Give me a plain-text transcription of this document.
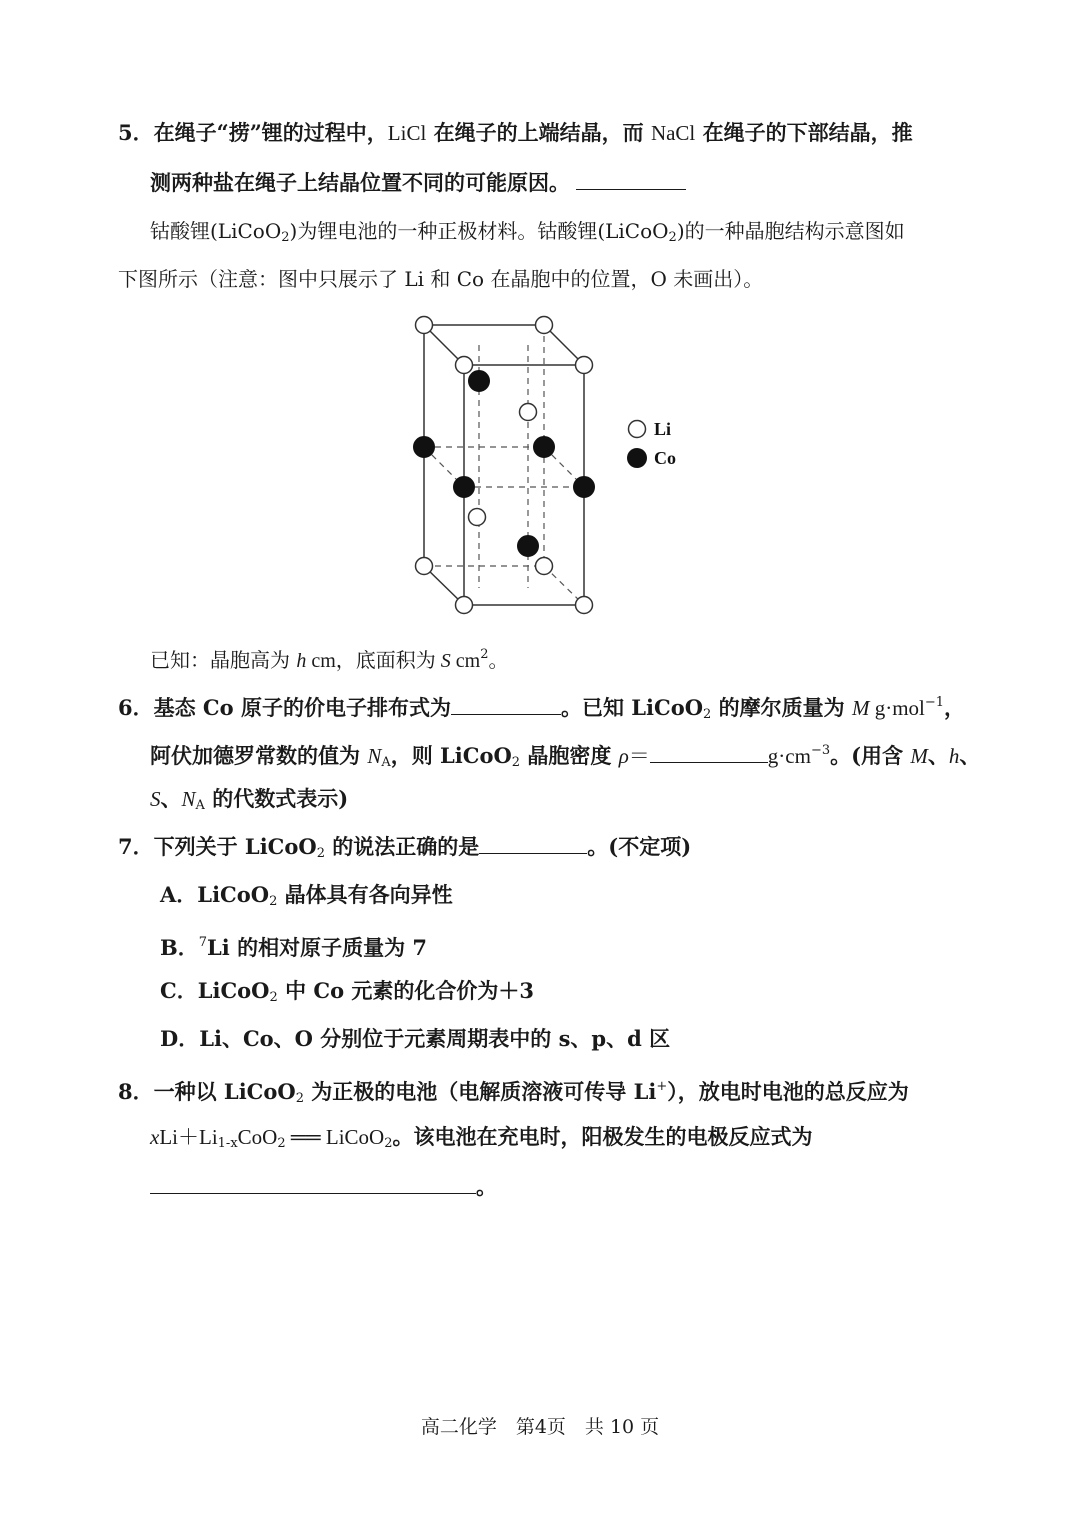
5．在绳子“捞”锂的过程中，LiCl 在绳子的上端结晶，而 NaCl 在绳子的下部结晶，推
测两种盐在绳子上结晶位置不同的可能原因。
钴酸锂(LiCoO$_2$)为锂电池的一种正极材料。钴酸锂(LiCoO$_2$)的一种晶胞结构示意图如
下图所示（注意：图中只展示了 Li 和 Co 在晶胞中的位置，O 未画出）。
Li
Co
已知：晶胞高为 h cm，底面积为 S $cm^2$。
6．基态 Co 原子的价电子排布式为	。已知 LiCoO$_2$ 的摩尔质量为 M g·mol$^{-1}$，
阿伏加德罗常数的值为 $N_A$，则 LiCoO$_2$ 晶胞密度 ρ＝	$g\cdot cm^{-3}$。(用含 M、h、
S、$N_A$ 的代数式表示)
7．下列关于 LiCoO$_2$ 的说法正确的是	。(不定项)
A．LiCoO$_2$ 晶体具有各向异性
B．$^7$Li 的相对原子质量为 7
C．LiCoO$_2$ 中 Co 元素的化合价为＋3
D．Li、Co、O 分别位于元素周期表中的 s、p、d 区
8．一种以 LiCoO$_2$ 为正极的电池（电解质溶液可传导 Li+），放电时电池的总反应为
$xLi+Li_{1-x}CoO_2$ ══ LiCoO$_2$。该电池在充电时，阳极发生的电极反应式为
。
高二化学　第4页　共 10 页
